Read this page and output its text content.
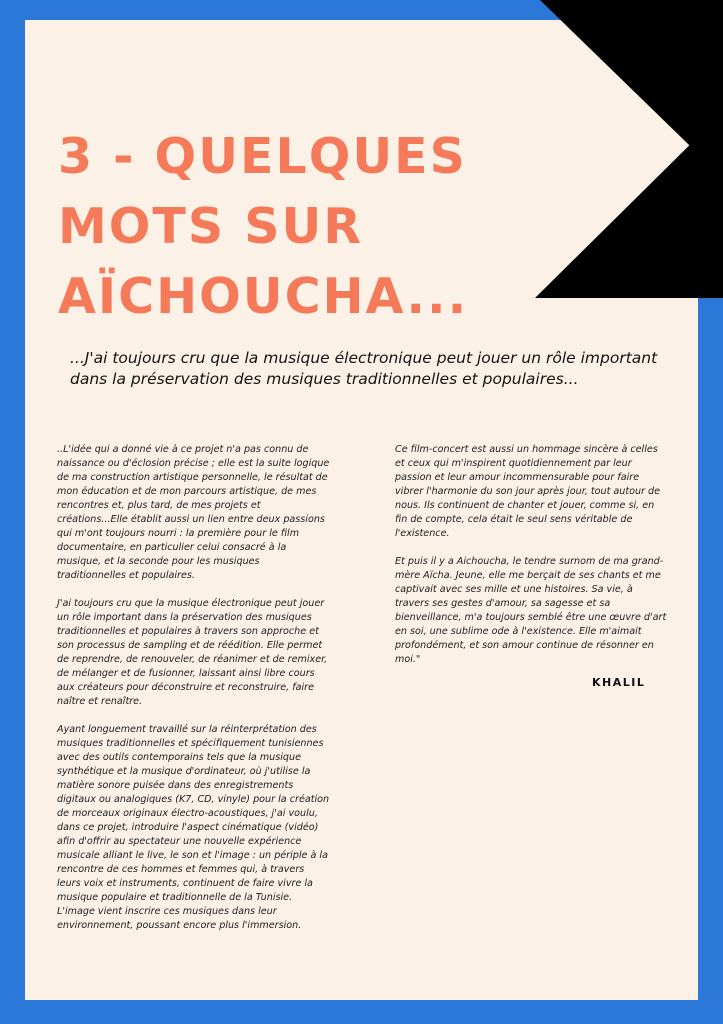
3 - QUELQUES
MOTS SUR
AÏCHOUCHA...

...J'ai toujours cru que la musique électronique peut jouer un rôle important dans la préservation des musiques traditionnelles et populaires...

..L'idée qui a donné vie à ce projet n'a pas connu de naissance ou d'éclosion précise ; elle est la suite logique de ma construction artistique personnelle, le résultat de mon éducation et de mon parcours artistique, de mes rencontres et, plus tard, de mes projets et créations...Elle établit aussi un lien entre deux passions qui m'ont toujours nourri : la première pour le film documentaire, en particulier celui consacré à la musique, et la seconde pour les musiques traditionnelles et populaires.

J'ai toujours cru que la musique électronique peut jouer un rôle important dans la préservation des musiques traditionnelles et populaires à travers son approche et son processus de sampling et de réédition. Elle permet de reprendre, de renouveler, de réanimer et de remixer, de mélanger et de fusionner, laissant ainsi libre cours aux créateurs pour déconstruire et reconstruire, faire naître et renaître.

Ayant longuement travaillé sur la réinterprétation des musiques traditionnelles et spécifiquement tunisiennes avec des outils contemporains tels que la musique synthétique et la musique d'ordinateur, où j'utilise la matière sonore puisée dans des enregistrements digitaux ou analogiques (K7, CD, vinyle) pour la création de morceaux originaux électro-acoustiques, j'ai voulu, dans ce projet, introduire l'aspect cinématique (vidéo) afin d'offrir au spectateur une nouvelle expérience musicale alliant le live, le son et l'image : un périple à la rencontre de ces hommes et femmes qui, à travers leurs voix et instruments, continuent de faire vivre la musique populaire et traditionnelle de la Tunisie. L'image vient inscrire ces musiques dans leur environnement, poussant encore plus l'immersion.

Ce film-concert est aussi un hommage sincère à celles et ceux qui m'inspirent quotidiennement par leur passion et leur amour incommensurable pour faire vibrer l'harmonie du son jour après jour, tout autour de nous. Ils continuent de chanter et jouer, comme si, en fin de compte, cela était le seul sens véritable de l'existence.

Et puis il y a Aichoucha, le tendre surnom de ma grand-mère Aïcha. Jeune, elle me berçait de ses chants et me captivait avec ses mille et une histoires. Sa vie, à travers ses gestes d'amour, sa sagesse et sa bienveillance, m'a toujours semblé être une œuvre d'art en soi, une sublime ode à l'existence. Elle m'aimait profondément, et son amour continue de résonner en moi."

KHALIL
